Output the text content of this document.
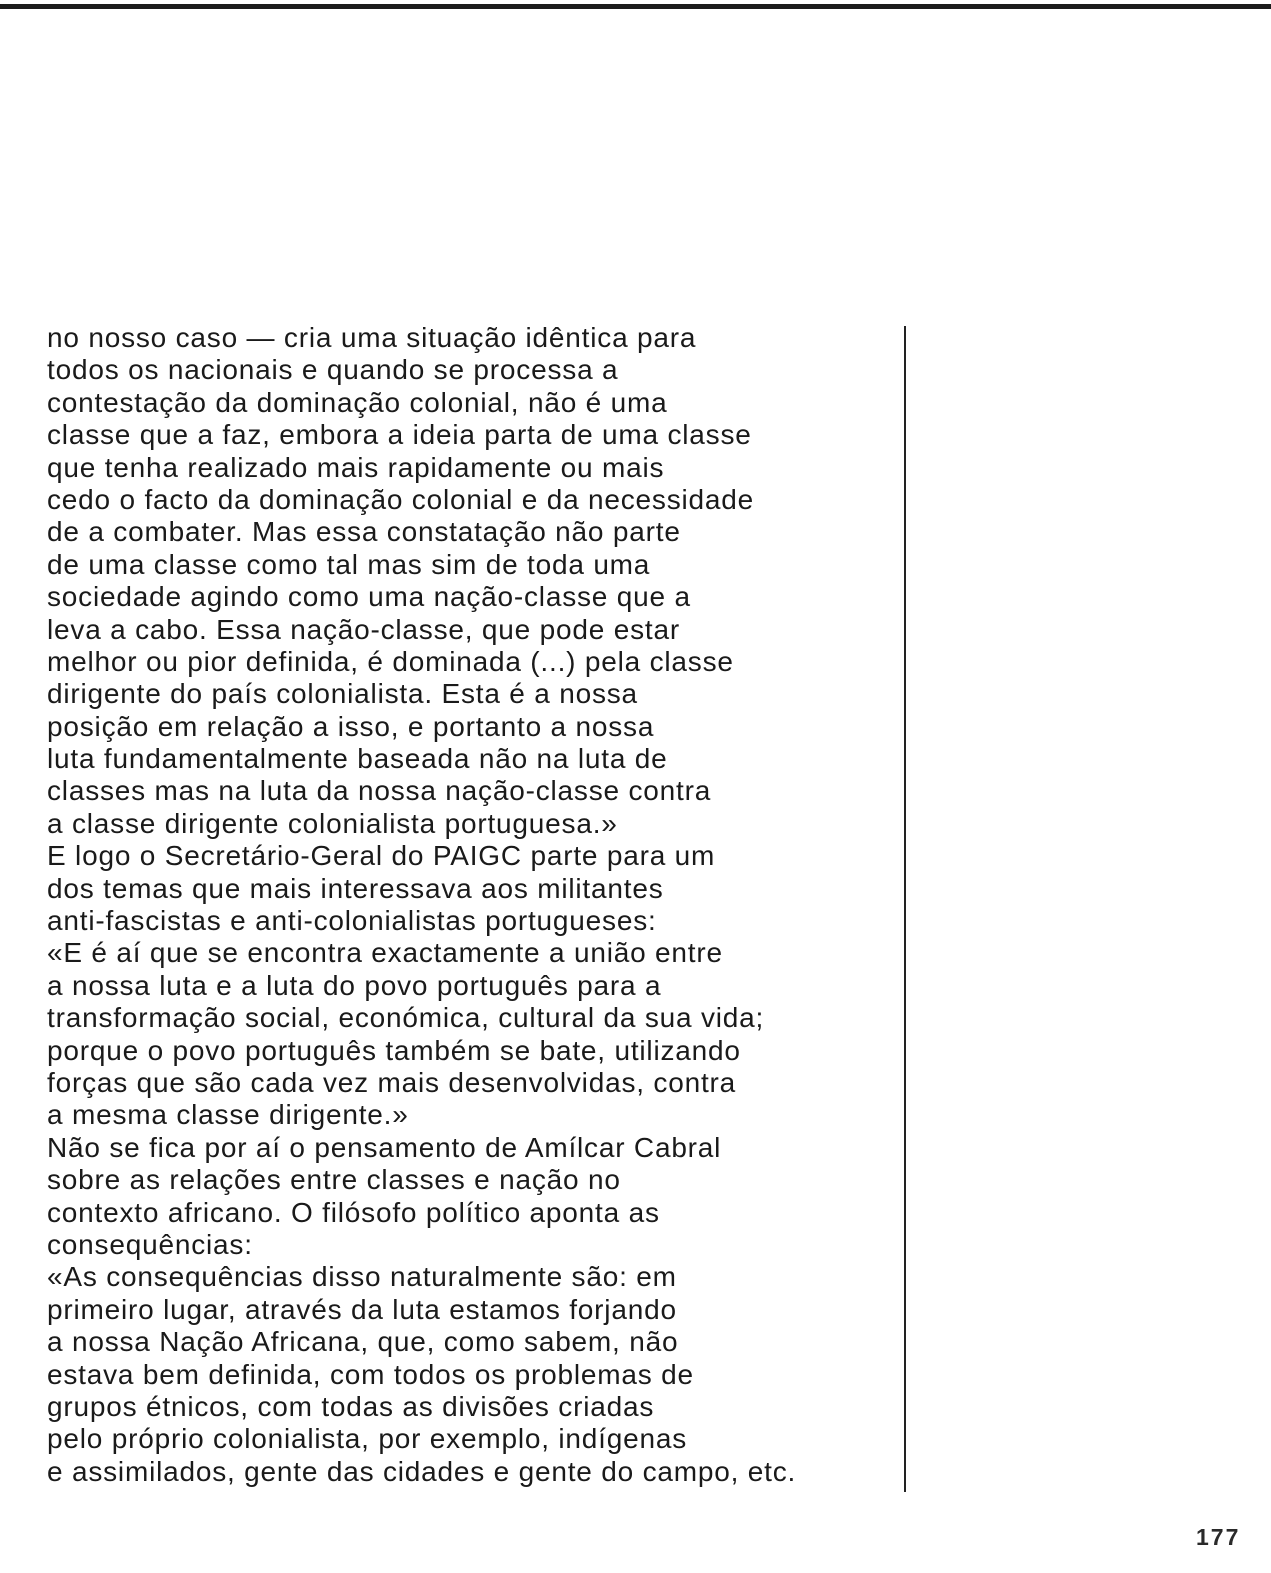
no nosso caso — cria uma situação idêntica para
todos os nacionais e quando se processa a
contestação da dominação colonial, não é uma
classe que a faz, embora a ideia parta de uma classe
que tenha realizado mais rapidamente ou mais
cedo o facto da dominação colonial e da necessidade
de a combater. Mas essa constatação não parte
de uma classe como tal mas sim de toda uma
sociedade agindo como uma nação-classe que a
leva a cabo. Essa nação-classe, que pode estar
melhor ou pior definida, é dominada (...) pela classe
dirigente do país colonialista. Esta é a nossa
posição em relação a isso, e portanto a nossa
luta fundamentalmente baseada não na luta de
classes mas na luta da nossa nação-classe contra
a classe dirigente colonialista portuguesa.»
E logo o Secretário-Geral do PAIGC parte para um
dos temas que mais interessava aos militantes
anti-fascistas e anti-colonialistas portugueses:
«E é aí que se encontra exactamente a união entre
a nossa luta e a luta do povo português para a
transformação social, económica, cultural da sua vida;
porque o povo português também se bate, utilizando
forças que são cada vez mais desenvolvidas, contra
a mesma classe dirigente.»
Não se fica por aí o pensamento de Amílcar Cabral
sobre as relações entre classes e nação no
contexto africano. O filósofo político aponta as
consequências:
«As consequências disso naturalmente são: em
primeiro lugar, através da luta estamos forjando
a nossa Nação Africana, que, como sabem, não
estava bem definida, com todos os problemas de
grupos étnicos, com todas as divisões criadas
pelo próprio colonialista, por exemplo, indígenas
e assimilados, gente das cidades e gente do campo, etc.
177
